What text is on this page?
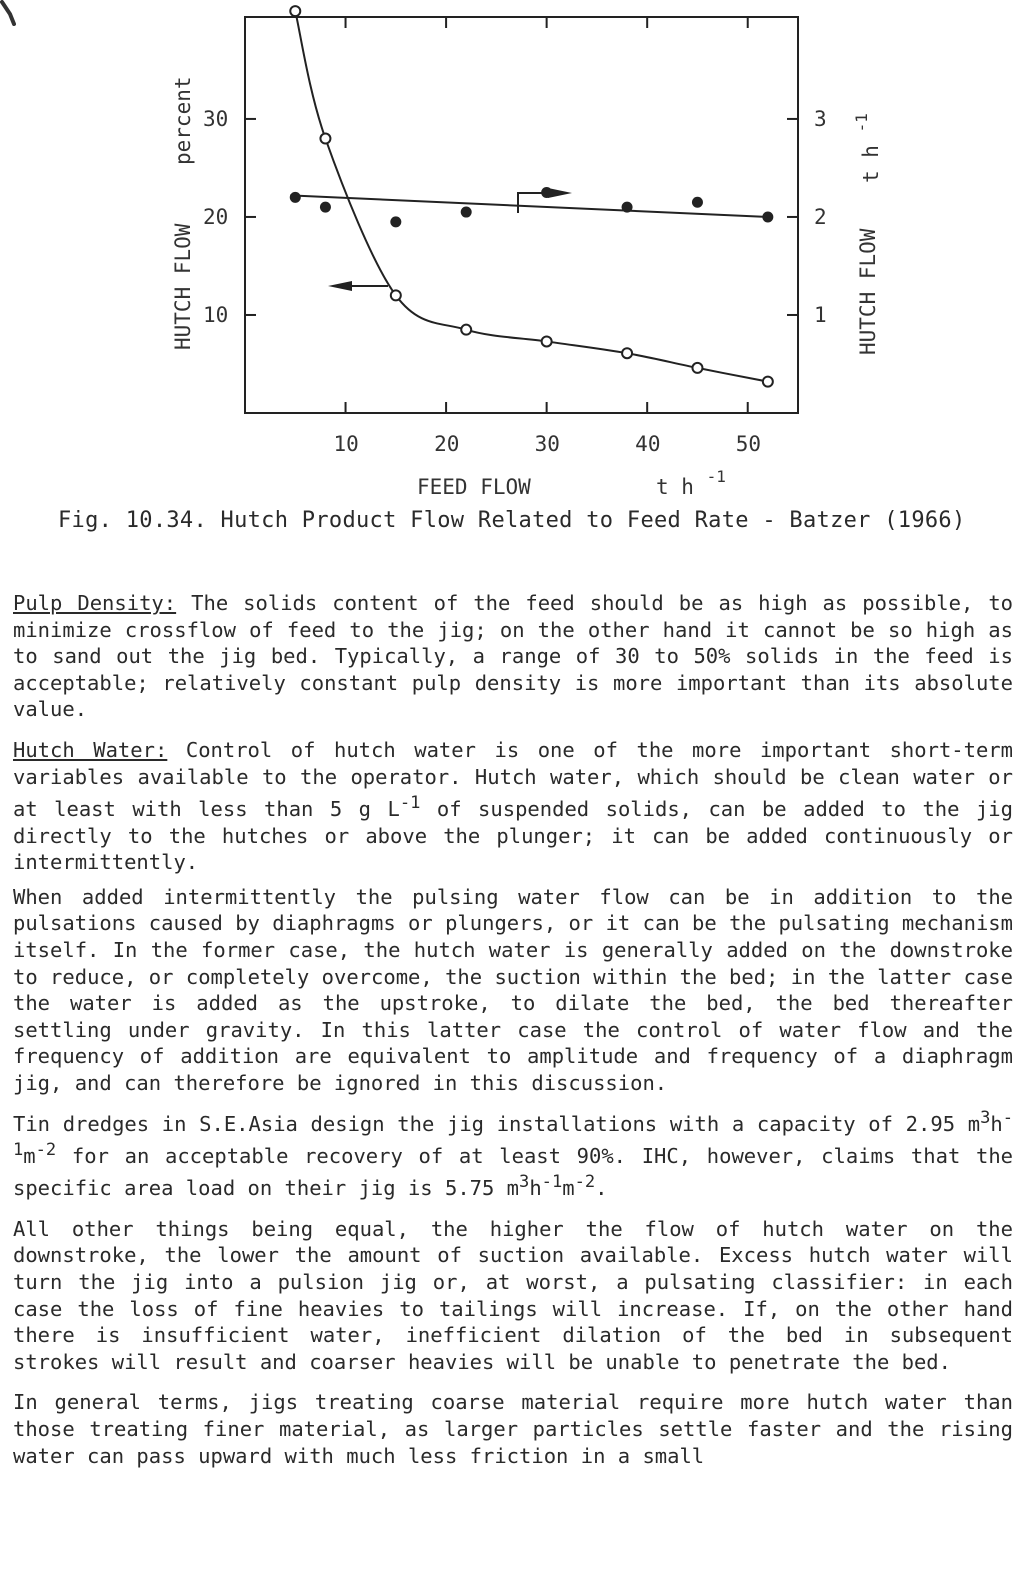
10	20	30	40	50
10
20
30
1
2
3
HUTCH FLOW
percent
HUTCH FLOW
t h $^{-1}$
FEED FLOW	t h $^{-1}$
Fig. 10.34. Hutch Product Flow Related to Feed Rate - Batzer (1966)

Pulp Density: The solids content of the feed should be as high as possible, to minimize crossflow of feed to the jig; on the other hand it cannot be so high as to sand out the jig bed. Typically, a range of 30 to 50% solids in the feed is acceptable; relatively constant pulp density is more important than its absolute value.

Hutch Water: Control of hutch water is one of the more important short-term variables available to the operator. Hutch water, which should be clean water or at least with less than 5 g $L^{-1}$ of suspended solids, can be added to the jig directly to the hutches or above the plunger; it can be added continuously or intermittently.

When added intermittently the pulsing water flow can be in addition to the pulsations caused by diaphragms or plungers, or it can be the pulsating mechanism itself. In the former case, the hutch water is generally added on the downstroke to reduce, or completely overcome, the suction within the bed; in the latter case the water is added as the upstroke, to dilate the bed, the bed thereafter settling under gravity. In this latter case the control of water flow and the frequency of addition are equivalent to amplitude and frequency of a diaphragm jig, and can therefore be ignored in this discussion.

Tin dredges in S.E.Asia design the jig installations with a capacity of 2.95 $m^3h^{-1}m^{-2}$ for an acceptable recovery of at least 90%. IHC, however, claims that the specific area load on their jig is 5.75 $m^3h^{-1}m^{-2}$.

All other things being equal, the higher the flow of hutch water on the downstroke, the lower the amount of suction available. Excess hutch water will turn the jig into a pulsion jig or, at worst, a pulsating classifier: in each case the loss of fine heavies to tailings will increase. If, on the other hand there is insufficient water, inefficient dilation of the bed in subsequent strokes will result and coarser heavies will be unable to penetrate the bed.

In general terms, jigs treating coarse material require more hutch water than those treating finer material, as larger particles settle faster and the rising water can pass upward with much less friction in a small
